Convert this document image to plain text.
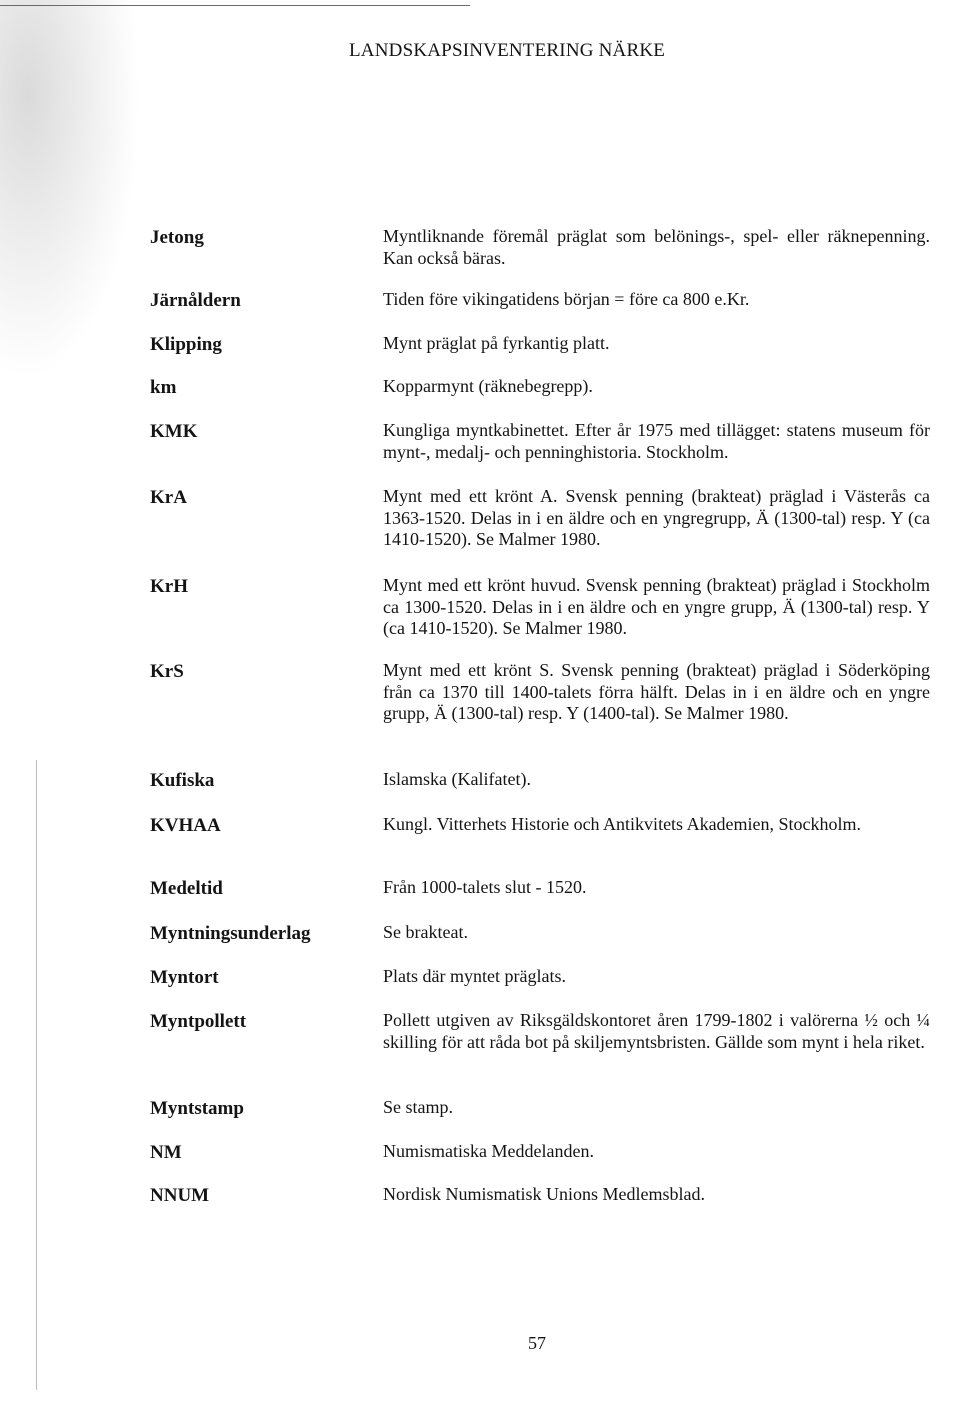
LANDSKAPSINVENTERING NÄRKE
Jetong	Myntliknande föremål präglat som belönings-, spel- eller räknepenning. Kan också bäras.
Järnåldern	Tiden före vikingatidens början = före ca 800 e.Kr.
Klipping	Mynt präglat på fyrkantig platt.
km	Kopparmynt (räknebegrepp).
KMK	Kungliga myntkabinettet. Efter år 1975 med tillägget: statens museum för mynt-, medalj- och penninghistoria. Stockholm.
KrA	Mynt med ett krönt A. Svensk penning (brakteat) präglad i Västerås ca 1363-1520. Delas in i en äldre och en yngregrupp, Ä (1300-tal) resp. Y (ca 1410-1520). Se Malmer 1980.
KrH	Mynt med ett krönt huvud. Svensk penning (brakteat) präglad i Stockholm ca 1300-1520. Delas in i en äldre och en yngre grupp, Ä (1300-tal) resp. Y (ca 1410-1520). Se Malmer 1980.
KrS	Mynt med ett krönt S. Svensk penning (brakteat) präglad i Söderköping från ca 1370 till 1400-talets förra hälft. Delas in i en äldre och en yngre grupp, Ä (1300-tal) resp. Y (1400-tal). Se Malmer 1980.
Kufiska	Islamska (Kalifatet).
KVHAA	Kungl. Vitterhets Historie och Antikvitets Akademien, Stockholm.
Medeltid	Från 1000-talets slut - 1520.
Myntningsunderlag	Se brakteat.
Myntort	Plats där myntet präglats.
Myntpollett	Pollett utgiven av Riksgäldskontoret åren 1799-1802 i valörerna ½ och ¼ skilling för att råda bot på skiljemyntsbristen. Gällde som mynt i hela riket.
Myntstamp	Se stamp.
NM	Numismatiska Meddelanden.
NNUM	Nordisk Numismatisk Unions Medlemsblad.
57
